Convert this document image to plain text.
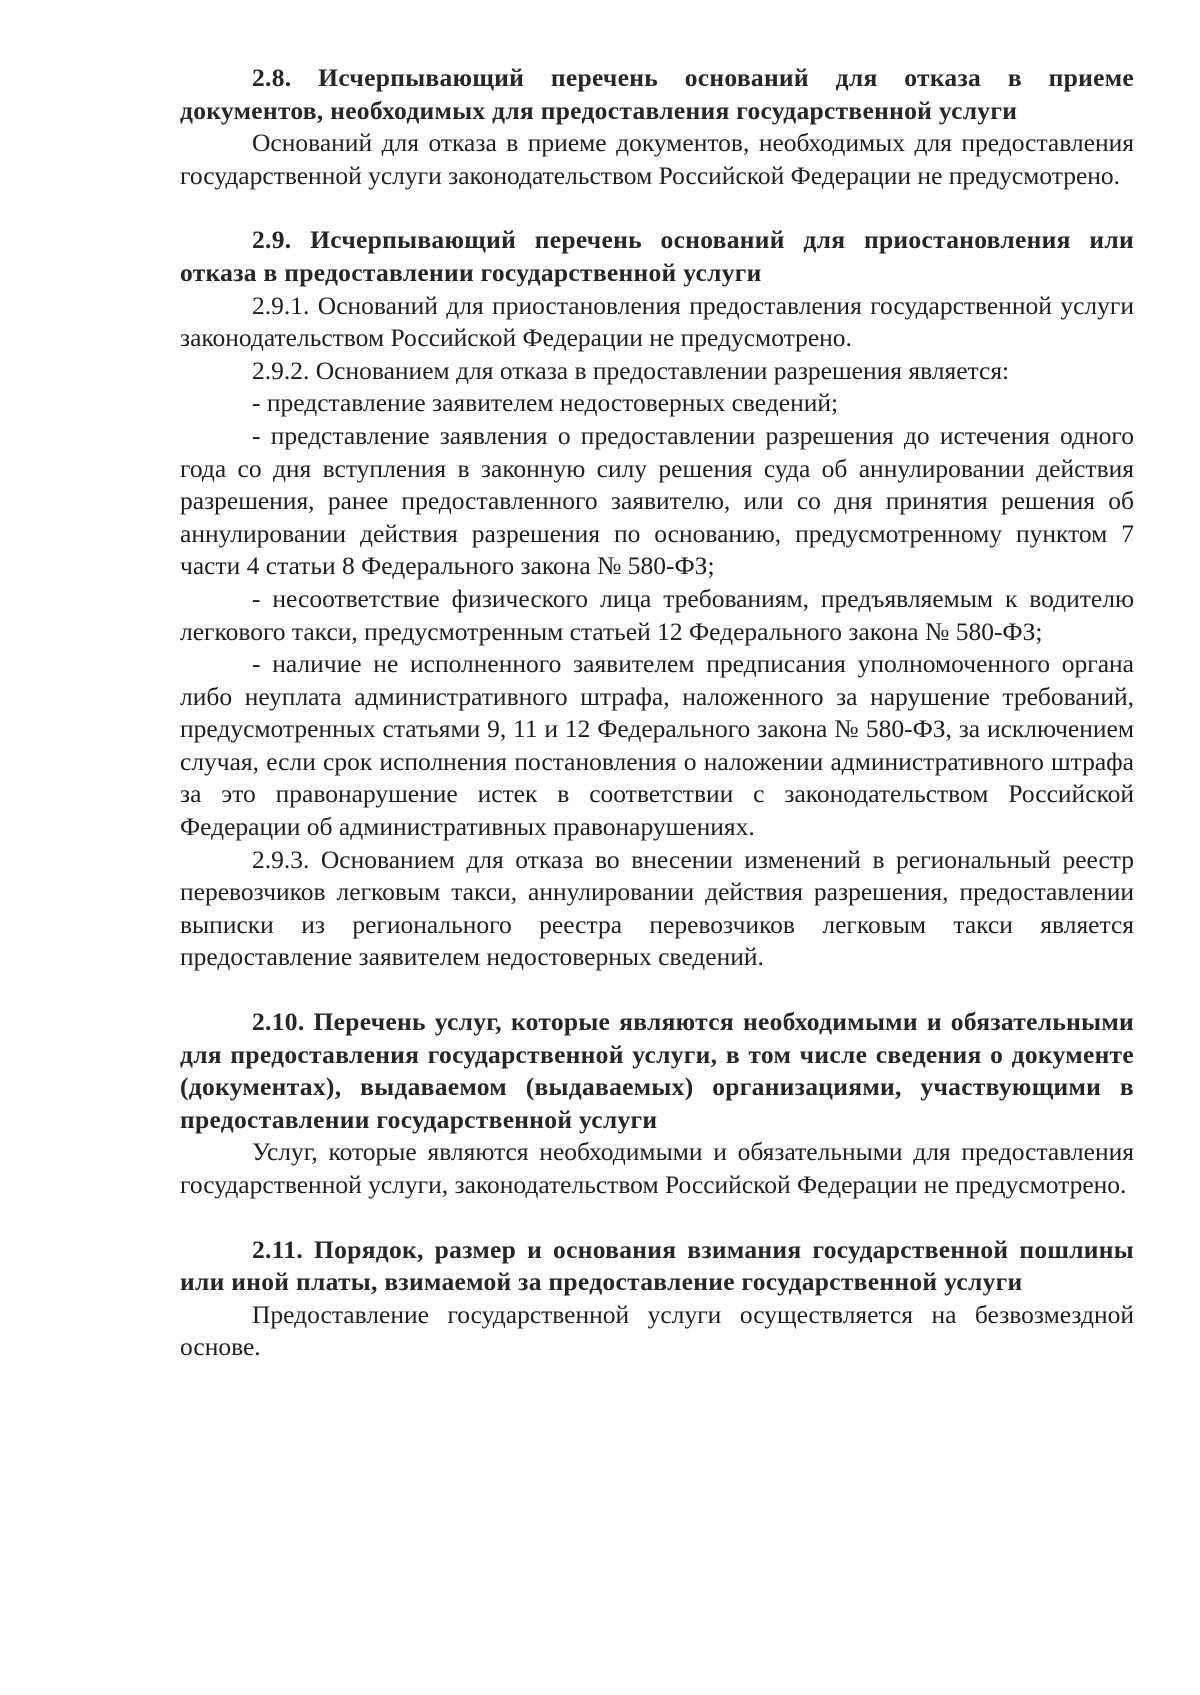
2.8. Исчерпывающий перечень оснований для отказа в приеме документов, необходимых для предоставления государственной услуги

Оснований для отказа в приеме документов, необходимых для предоставления государственной услуги законодательством Российской Федерации не предусмотрено.

2.9. Исчерпывающий перечень оснований для приостановления или отказа в предоставлении государственной услуги

2.9.1. Оснований для приостановления предоставления государственной услуги законодательством Российской Федерации не предусмотрено.

2.9.2. Основанием для отказа в предоставлении разрешения является:

- представление заявителем недостоверных сведений;

- представление заявления о предоставлении разрешения до истечения одного года со дня вступления в законную силу решения суда об аннулировании действия разрешения, ранее предоставленного заявителю, или со дня принятия решения об аннулировании действия разрешения по основанию, предусмотренному пунктом 7 части 4 статьи 8 Федерального закона № 580-ФЗ;

- несоответствие физического лица требованиям, предъявляемым к водителю легкового такси, предусмотренным статьей 12 Федерального закона № 580-ФЗ;

- наличие не исполненного заявителем предписания уполномоченного органа либо неуплата административного штрафа, наложенного за нарушение требований, предусмотренных статьями 9, 11 и 12 Федерального закона № 580-ФЗ, за исключением случая, если срок исполнения постановления о наложении административного штрафа за это правонарушение истек в соответствии с законодательством Российской Федерации об административных правонарушениях.

2.9.3. Основанием для отказа во внесении изменений в региональный реестр перевозчиков легковым такси, аннулировании действия разрешения, предоставлении выписки из регионального реестра перевозчиков легковым такси является предоставление заявителем недостоверных сведений.

2.10. Перечень услуг, которые являются необходимыми и обязательными для предоставления государственной услуги, в том числе сведения о документе (документах), выдаваемом (выдаваемых) организациями, участвующими в предоставлении государственной услуги

Услуг, которые являются необходимыми и обязательными для предоставления государственной услуги, законодательством Российской Федерации не предусмотрено.

2.11. Порядок, размер и основания взимания государственной пошлины или иной платы, взимаемой за предоставление государственной услуги

Предоставление государственной услуги осуществляется на безвозмездной основе.
